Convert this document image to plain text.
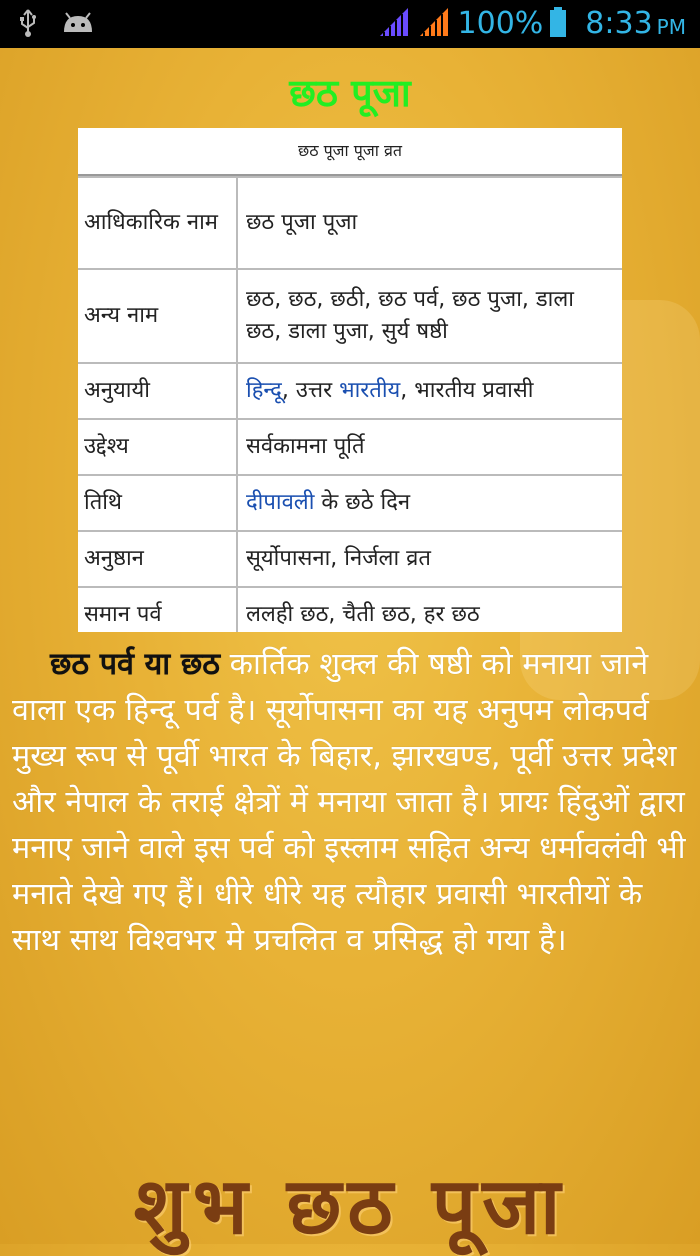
100% 8:33 PM
छठ पूजा
छठ पूजा पूजा व्रत
आधिकारिक नाम	छठ पूजा पूजा
अन्य नाम	छठ, छठ, छठी, छठ पर्व, छठ पुजा, डाला छठ, डाला पुजा, सुर्य षष्ठी
अनुयायी	हिन्दू, उत्तर भारतीय, भारतीय प्रवासी
उद्देश्य	सर्वकामना पूर्ति
तिथि	दीपावली के छठे दिन
अनुष्ठान	सूर्योपासना, निर्जला व्रत
समान पर्व	ललही छठ, चैती छठ, हर छठ

छठ पर्व या छठ कार्तिक शुक्ल की षष्ठी को मनाया जाने वाला एक हिन्दू पर्व है। सूर्योपासना का यह अनुपम लोकपर्व मुख्य रूप से पूर्वी भारत के बिहार, झारखण्ड, पूर्वी उत्तर प्रदेश और नेपाल के तराई क्षेत्रों में मनाया जाता है। प्रायः हिंदुओं द्वारा मनाए जाने वाले इस पर्व को इस्लाम सहित अन्य धर्मावलंवी भी मनाते देखे गए हैं। धीरे धीरे यह त्यौहार प्रवासी भारतीयों के साथ साथ विश्वभर मे प्रचलित व प्रसिद्ध हो गया है।

शुभ छठ पूजा
